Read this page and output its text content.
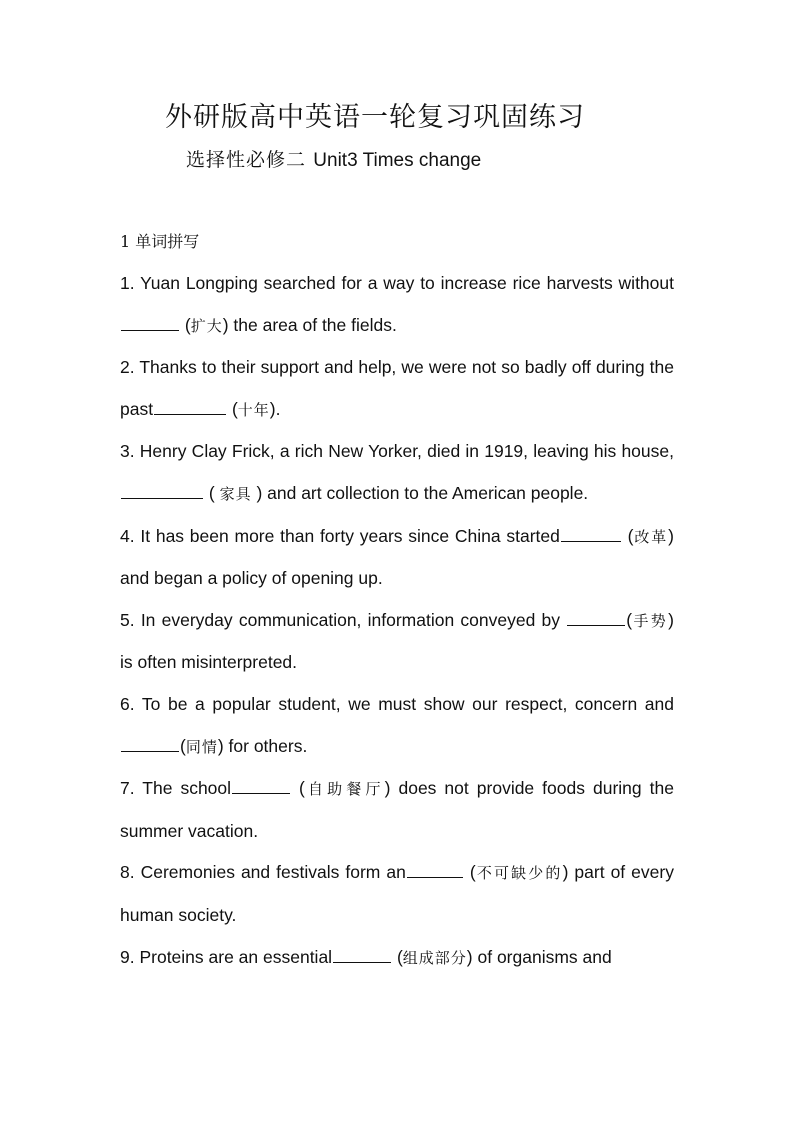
外研版高中英语一轮复习巩固练习
选择性必修二 Unit3 Times change
1 单词拼写

1. Yuan Longping searched for a way to increase rice harvests without (扩大) the area of the fields.

2. Thanks to their support and help, we were not so badly off during the past	(十年).

3. Henry Clay Frick, a rich New Yorker, died in 1919, leaving his house,  ( 家具 ) and art collection to the American people.

4. It has been more than forty years since China started	(改革) and began a policy of opening up.

5. In everyday communication, information conveyed by	(手势) is often misinterpreted.

6. To be a popular student, we must show our respect, concern and(同情) for others.

7. The school	(自助餐厅) does not provide foods during the summer vacation.

8. Ceremonies and festivals form an	(不可缺少的) part of every human society.

9. Proteins are an essential	(组成部分) of organisms and
